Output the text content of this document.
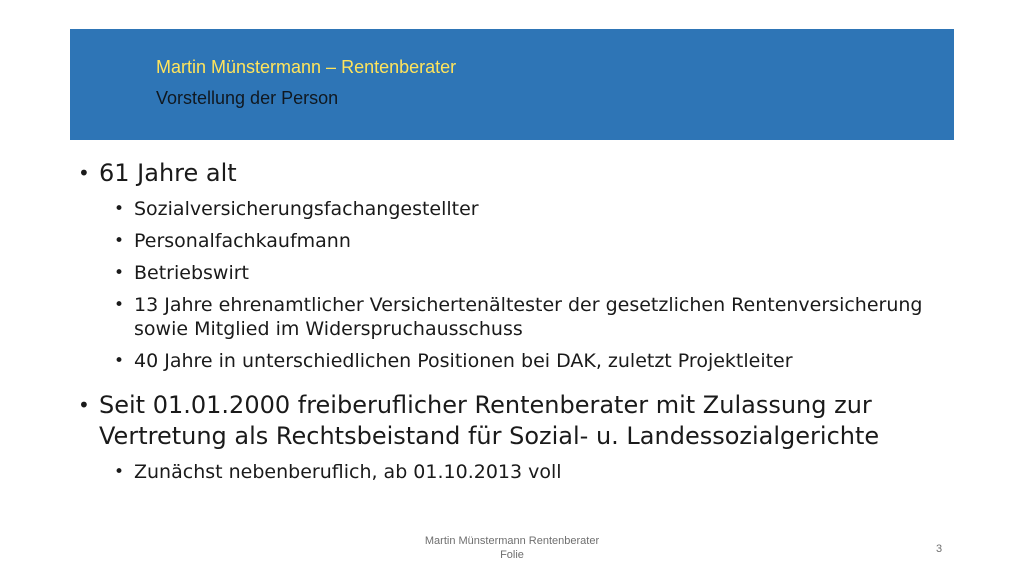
Martin Münstermann – Rentenberater
Vorstellung der Person
• 61 Jahre alt
• Sozialversicherungsfachangestellter
• Personalfachkaufmann
• Betriebswirt
• 13 Jahre ehrenamtlicher Versichertenältester der gesetzlichen Rentenversicherung sowie Mitglied im Widerspruchausschuss
• 40 Jahre in unterschiedlichen Positionen bei DAK, zuletzt Projektleiter
• Seit 01.01.2000 freiberuflicher Rentenberater mit Zulassung zur Vertretung als Rechtsbeistand für Sozial- u. Landessozialgerichte
• Zunächst nebenberuflich, ab 01.10.2013 voll
Martin Münstermann Rentenberater
Folie	3
